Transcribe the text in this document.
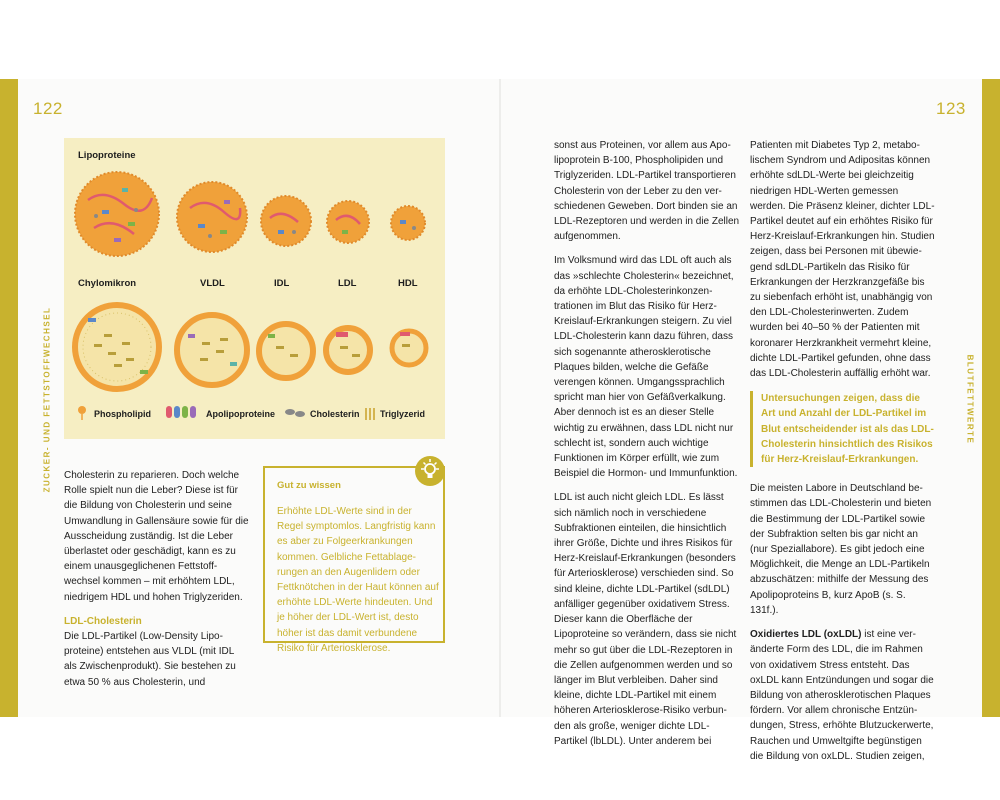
122	123
ZUCKER- UND FETTSTOFFWECHSEL	BLUTFETTWERTE
Lipoproteine
Chylomikron	VLDL	IDL	LDL	HDL
Phospholipid	Apolipoproteine	Cholesterin Triglyzerid

Cholesterin zu reparieren. Doch welche Rolle spielt nun die Leber? Diese ist für die Bildung von Cholesterin und seine Umwandlung in Gallensäure sowie für die Ausscheidung zuständig. Ist die Leber überlastet oder geschädigt, kann es zu einem unausgeglichenen Fettstoffwechsel kommen – mit erhöhtem LDL, niedrigem HDL und hohen Triglyzeriden.

LDL-Cholesterin

Die LDL-Partikel (Low-Density Lipoproteine) entstehen aus VLDL (mit IDL als Zwischenprodukt). Sie bestehen zu etwa 50 % aus Cholesterin, und

Gut zu wissen
Erhöhte LDL-Werte sind in der Regel symptomlos. Langfristig kann es aber zu Folgeerkrankungen kommen. Gelbliche Fettablagerungen an den Augenlidern oder Fettknötchen in der Haut können auf erhöhte LDL-Werte hindeuten. Und je höher der LDL-Wert ist, desto höher ist das damit verbundene Risiko für Arteriosklerose.

sonst aus Proteinen, vor allem aus Apolipoprotein B-100, Phospholipiden und Triglyzeriden. LDL-Partikel transportieren Cholesterin von der Leber zu den verschiedenen Geweben. Dort binden sie an LDL-Rezeptoren und werden in die Zellen aufgenommen.

Im Volksmund wird das LDL oft auch als das »schlechte Cholesterin« bezeichnet, da erhöhte LDL-Cholesterinkonzentrationen im Blut das Risiko für Herz-Kreislauf-Erkrankungen steigern. Zu viel LDL-Cholesterin kann dazu führen, dass sich sogenannte atherosklerotische Plaques bilden, welche die Gefäße verengen können. Umgangssprachlich spricht man hier von Gefäßverkalkung. Aber dennoch ist es an dieser Stelle wichtig zu erwähnen, dass LDL nicht nur schlecht ist, sondern auch wichtige Funktionen im Körper erfüllt, wie zum Beispiel die Hormon- und Immunfunktion.

LDL ist auch nicht gleich LDL. Es lässt sich nämlich noch in verschiedene Subfraktionen einteilen, die hinsichtlich ihrer Größe, Dichte und ihres Risikos für Herz-Kreislauf-Erkrankungen (besonders für Arteriosklerose) verschieden sind. So sind kleine, dichte LDL-Partikel (sdLDL) anfälliger gegenüber oxidativem Stress. Dieser kann die Oberfläche der Lipoproteine so verändern, dass sie nicht mehr so gut über die LDL-Rezeptoren in die Zellen aufgenommen werden und so länger im Blut verbleiben. Daher sind kleine, dichte LDL-Partikel mit einem höheren Arteriosklerose-Risiko verbunden als große, weniger dichte LDL-Partikel (lbLDL). Unter anderem bei

Patienten mit Diabetes Typ 2, metabolischem Syndrom und Adipositas können erhöhte sdLDL-Werte bei gleichzeitig niedrigen HDL-Werten gemessen werden. Die Präsenz kleiner, dichter LDL-Partikel deutet auf ein erhöhtes Risiko für Herz-Kreislauf-Erkrankungen hin. Studien zeigen, dass bei Personen mit übewiegend sdLDL-Partikeln das Risiko für Erkrankungen der Herzkranzgefäße bis zu siebenfach erhöht ist, unabhängig von den LDL-Cholesterinwerten. Zudem wurden bei 40–50 % der Patienten mit koronarer Herzkrankheit vermehrt kleine, dichte LDL-Partikel gefunden, ohne dass das LDL-Cholesterin auffällig erhöht war.

Untersuchungen zeigen, dass die Art und Anzahl der LDL-Partikel im Blut entscheidender ist als das LDL-Cholesterin hinsichtlich des Risikos für Herz-Kreislauf-Erkrankungen.

Die meisten Labore in Deutschland bestimmen das LDL-Cholesterin und bieten die Bestimmung der LDL-Partikel sowie der Subfraktion selten bis gar nicht an (nur Speziallabore). Es gibt jedoch eine Möglichkeit, die Menge an LDL-Partikeln abzuschätzen: mithilfe der Messung des Apolipoproteins B, kurz ApoB (s. S. 131f.).

Oxidiertes LDL (oxLDL) ist eine veränderte Form des LDL, die im Rahmen von oxidativem Stress entsteht. Das oxLDL kann Entzündungen und sogar die Bildung von atherosklerotischen Plaques fördern. Vor allem chronische Entzündungen, Stress, erhöhte Blutzuckerwerte, Rauchen und Umweltgifte begünstigen die Bildung von oxLDL. Studien zeigen,
